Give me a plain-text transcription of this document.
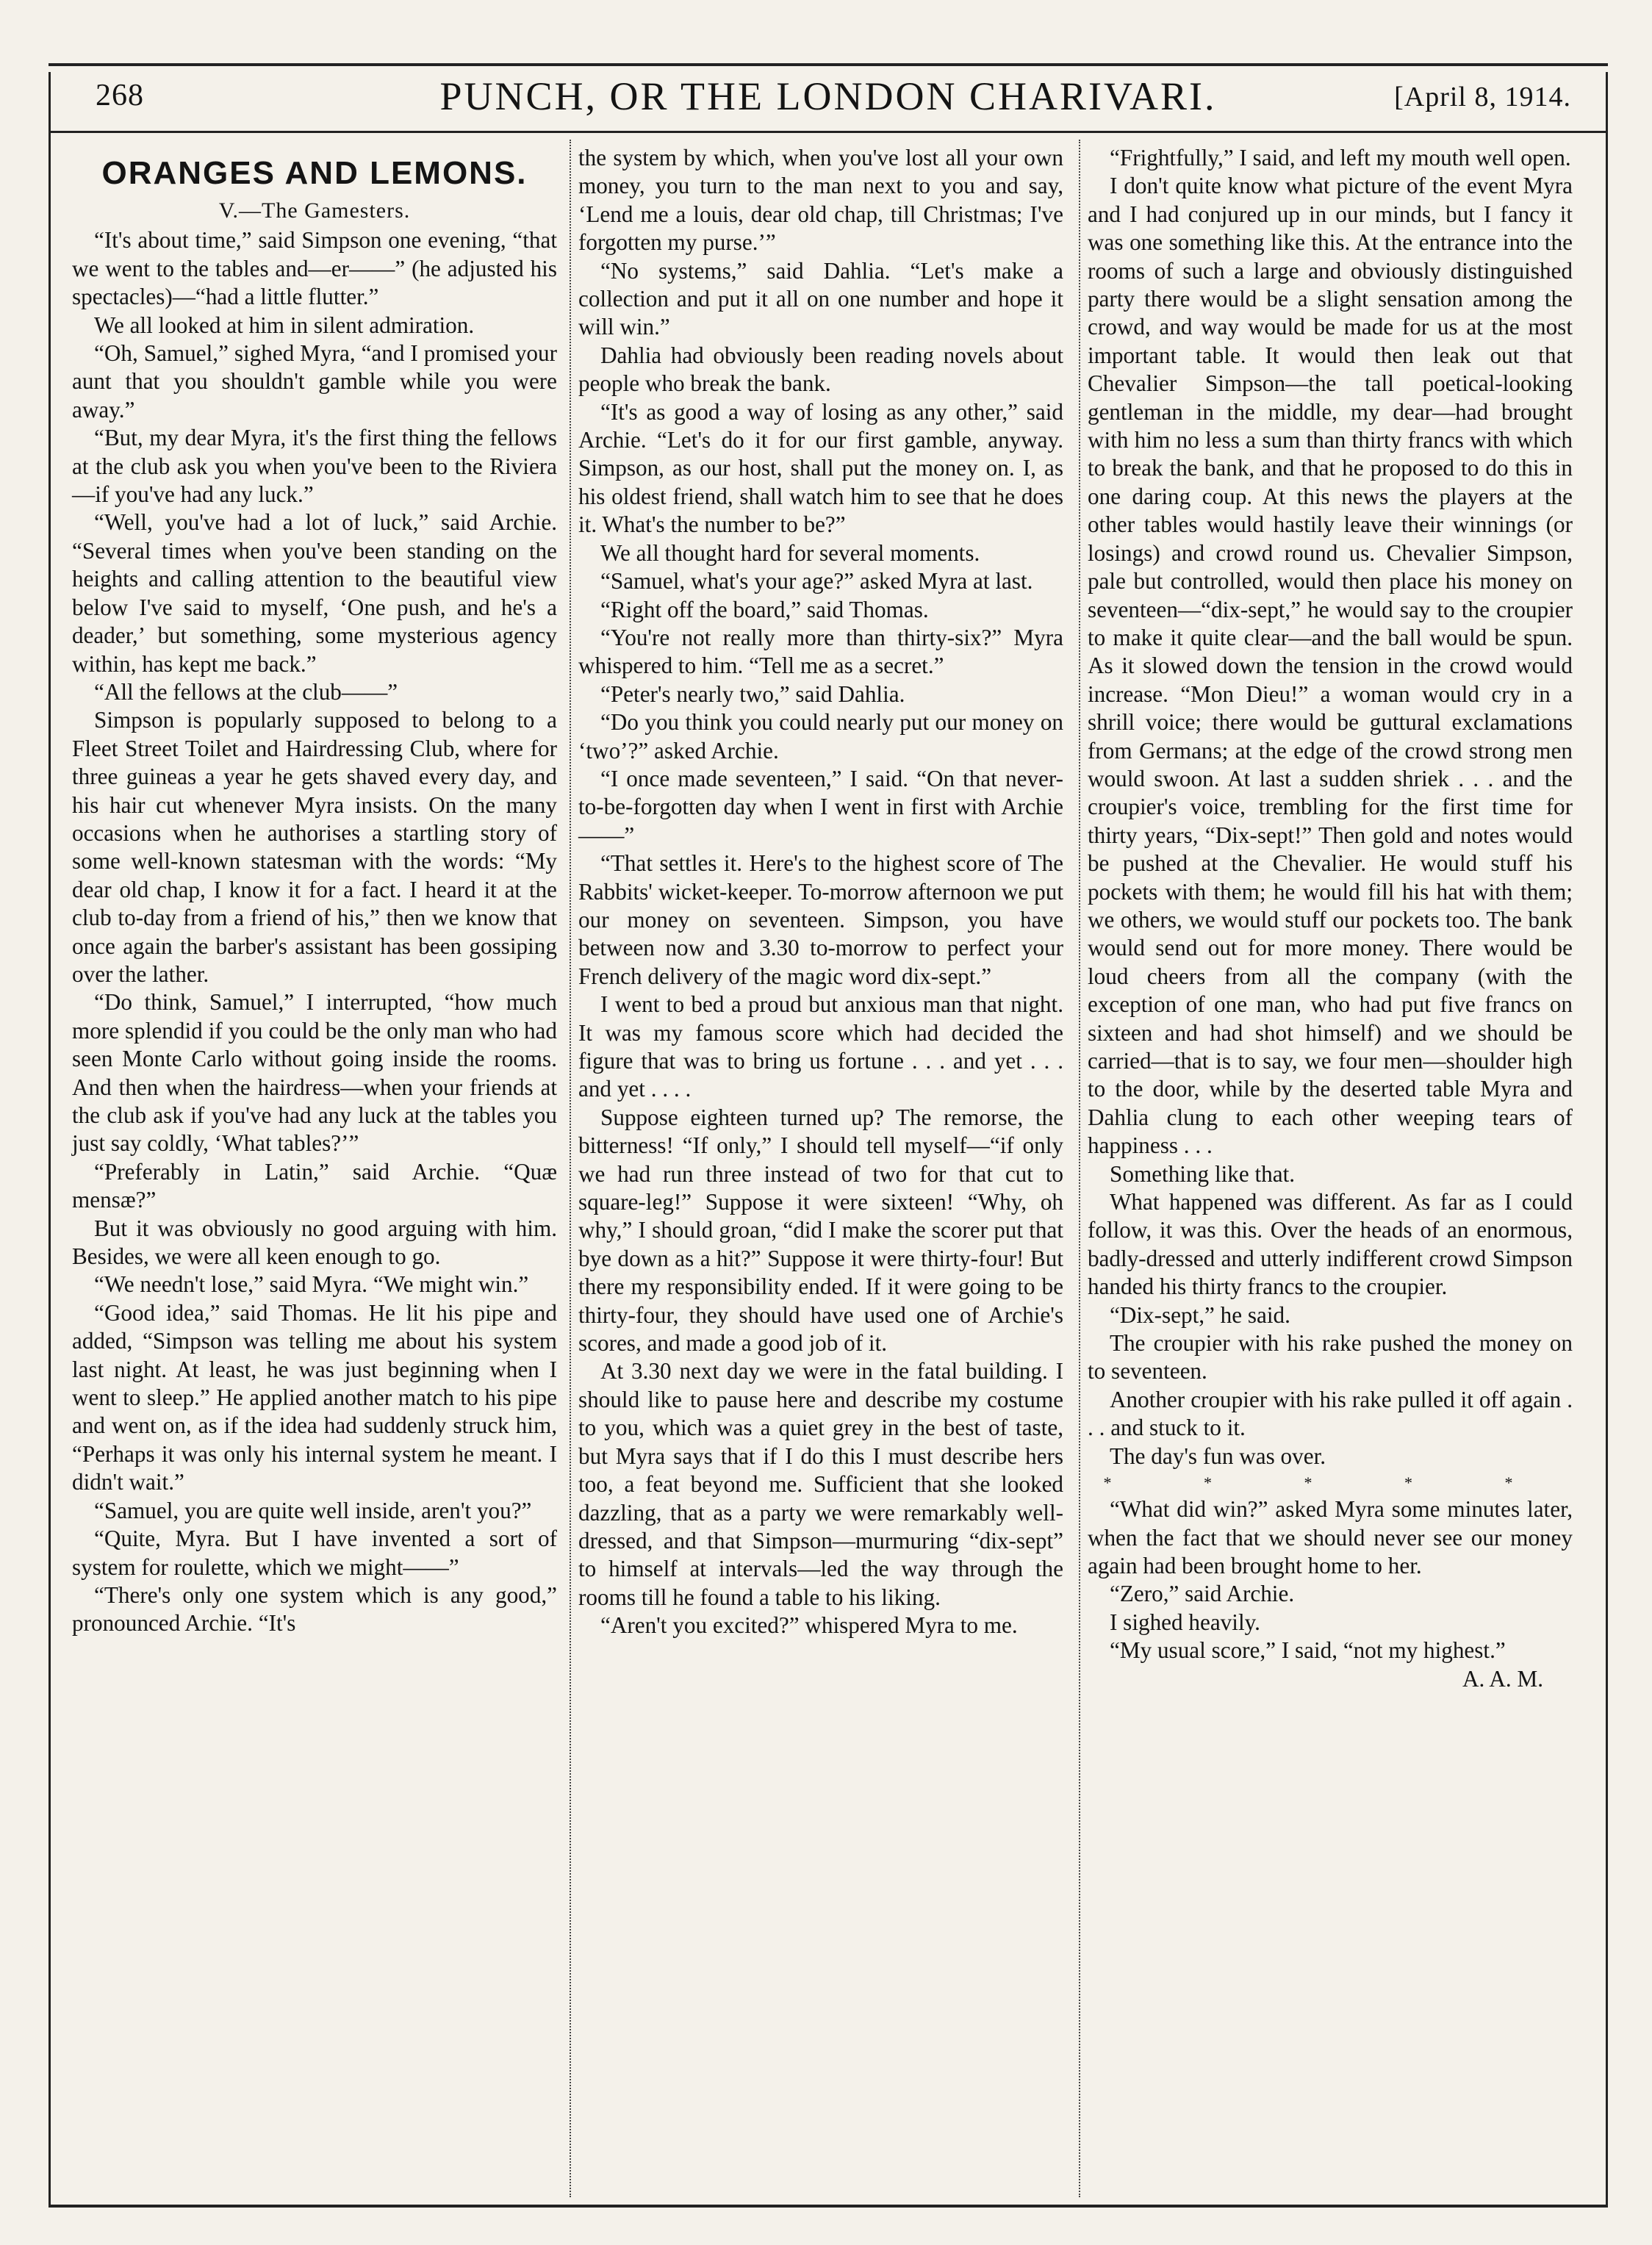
268	PUNCH, OR THE LONDON CHARIVARI.	[April 8, 1914.
ORANGES AND LEMONS.
V.—The Gamesters.

“It's about time,” said Simpson one evening, “that we went to the tables and—er——” (he adjusted his spectacles)—“had a little flutter.”

We all looked at him in silent admiration.

“Oh, Samuel,” sighed Myra, “and I promised your aunt that you shouldn't gamble while you were away.”

“But, my dear Myra, it's the first thing the fellows at the club ask you when you've been to the Riviera—if you've had any luck.”

“Well, you've had a lot of luck,” said Archie. “Several times when you've been standing on the heights and calling attention to the beautiful view below I've said to myself, ‘One push, and he's a deader,’ but something, some mysterious agency within, has kept me back.”

“All the fellows at the club——”

Simpson is popularly supposed to belong to a Fleet Street Toilet and Hairdressing Club, where for three guineas a year he gets shaved every day, and his hair cut whenever Myra insists. On the many occasions when he authorises a startling story of some well-known statesman with the words: “My dear old chap, I know it for a fact. I heard it at the club to-day from a friend of his,” then we know that once again the barber's assistant has been gossiping over the lather.

“Do think, Samuel,” I interrupted, “how much more splendid if you could be the only man who had seen Monte Carlo without going inside the rooms. And then when the hairdress—when your friends at the club ask if you've had any luck at the tables you just say coldly, ‘What tables?’”

“Preferably in Latin,” said Archie. “Quæ mensæ?”

But it was obviously no good arguing with him. Besides, we were all keen enough to go.

“We needn't lose,” said Myra. “We might win.”

“Good idea,” said Thomas. He lit his pipe and added, “Simpson was telling me about his system last night. At least, he was just beginning when I went to sleep.” He applied another match to his pipe and went on, as if the idea had suddenly struck him, “Perhaps it was only his internal system he meant. I didn't wait.”

“Samuel, you are quite well inside, aren't you?”

“Quite, Myra. But I have invented a sort of system for roulette, which we might——”

“There's only one system which is any good,” pronounced Archie. “It's

the system by which, when you've lost all your own money, you turn to the man next to you and say, ‘Lend me a louis, dear old chap, till Christmas; I've forgotten my purse.’”

“No systems,” said Dahlia. “Let's make a collection and put it all on one number and hope it will win.”

Dahlia had obviously been reading novels about people who break the bank.

“It's as good a way of losing as any other,” said Archie. “Let's do it for our first gamble, anyway. Simpson, as our host, shall put the money on. I, as his oldest friend, shall watch him to see that he does it. What's the number to be?”

We all thought hard for several moments.

“Samuel, what's your age?” asked Myra at last.

“Right off the board,” said Thomas.

“You're not really more than thirty-six?” Myra whispered to him. “Tell me as a secret.”

“Peter's nearly two,” said Dahlia.

“Do you think you could nearly put our money on ‘two’?” asked Archie.

“I once made seventeen,” I said. “On that never-to-be-forgotten day when I went in first with Archie——”

“That settles it. Here's to the highest score of The Rabbits' wicket-keeper. To-morrow afternoon we put our money on seventeen. Simpson, you have between now and 3.30 to-morrow to perfect your French delivery of the magic word dix-sept.”

I went to bed a proud but anxious man that night. It was my famous score which had decided the figure that was to bring us fortune . . . and yet . . . and yet . . . .

Suppose eighteen turned up? The remorse, the bitterness! “If only,” I should tell myself—“if only we had run three instead of two for that cut to square-leg!” Suppose it were sixteen! “Why, oh why,” I should groan, “did I make the scorer put that bye down as a hit?” Suppose it were thirty-four! But there my responsibility ended. If it were going to be thirty-four, they should have used one of Archie's scores, and made a good job of it.

At 3.30 next day we were in the fatal building. I should like to pause here and describe my costume to you, which was a quiet grey in the best of taste, but Myra says that if I do this I must describe hers too, a feat beyond me. Sufficient that she looked dazzling, that as a party we were remarkably well-dressed, and that Simpson—murmuring “dix-sept” to himself at intervals—led the way through the rooms till he found a table to his liking.

“Aren't you excited?” whispered Myra to me.

“Frightfully,” I said, and left my mouth well open.

I don't quite know what picture of the event Myra and I had conjured up in our minds, but I fancy it was one something like this. At the entrance into the rooms of such a large and obviously distinguished party there would be a slight sensation among the crowd, and way would be made for us at the most important table. It would then leak out that Chevalier Simpson—the tall poetical-looking gentleman in the middle, my dear—had brought with him no less a sum than thirty francs with which to break the bank, and that he proposed to do this in one daring coup. At this news the players at the other tables would hastily leave their winnings (or losings) and crowd round us. Chevalier Simpson, pale but controlled, would then place his money on seventeen—“dix-sept,” he would say to the croupier to make it quite clear—and the ball would be spun. As it slowed down the tension in the crowd would increase. “Mon Dieu!” a woman would cry in a shrill voice; there would be guttural exclamations from Germans; at the edge of the crowd strong men would swoon. At last a sudden shriek . . . and the croupier's voice, trembling for the first time for thirty years, “Dix-sept!” Then gold and notes would be pushed at the Chevalier. He would stuff his pockets with them; he would fill his hat with them; we others, we would stuff our pockets too. The bank would send out for more money. There would be loud cheers from all the company (with the exception of one man, who had put five francs on sixteen and had shot himself) and we should be carried—that is to say, we four men—shoulder high to the door, while by the deserted table Myra and Dahlia clung to each other weeping tears of happiness . . .

Something like that.

What happened was different. As far as I could follow, it was this. Over the heads of an enormous, badly-dressed and utterly indifferent crowd Simpson handed his thirty francs to the croupier.

“Dix-sept,” he said.

The croupier with his rake pushed the money on to seventeen.

Another croupier with his rake pulled it off again . . . and stuck to it.

The day's fun was over.

* * * * *

“What did win?” asked Myra some minutes later, when the fact that we should never see our money again had been brought home to her.

“Zero,” said Archie.

I sighed heavily.

“My usual score,” I said, “not my highest.”

A. A. M.
